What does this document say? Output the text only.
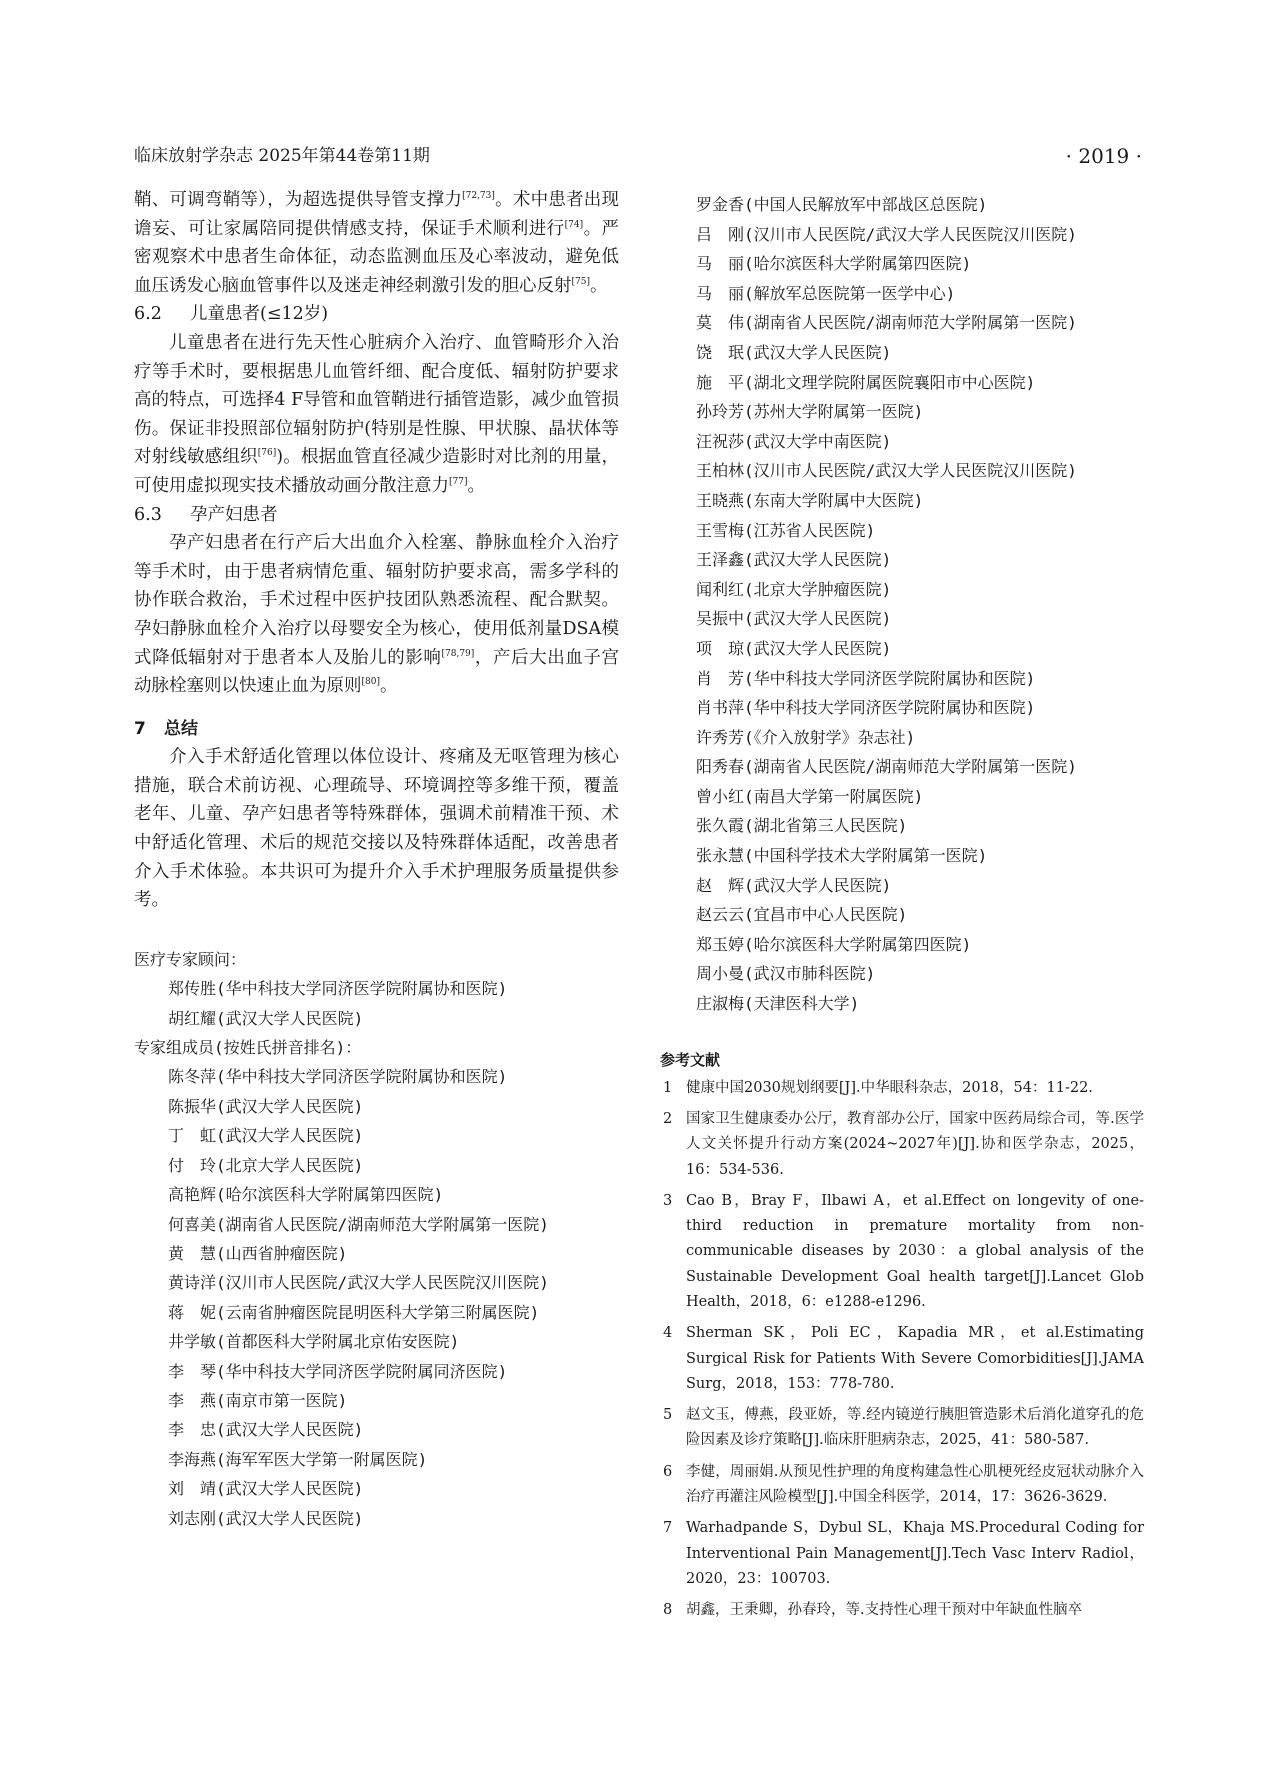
临床放射学杂志 2025年第44卷第11期	· 2019 ·

鞘、可调弯鞘等），为超选提供导管支撑力[72,73]。术中患者出现谵妄、可让家属陪同提供情感支持，保证手术顺利进行[74]。严密观察术中患者生命体征，动态监测血压及心率波动，避免低血压诱发心脑血管事件以及迷走神经刺激引发的胆心反射[75]。

6.2 儿童患者(≤12岁)

儿童患者在进行先天性心脏病介入治疗、血管畸形介入治疗等手术时，要根据患儿血管纤细、配合度低、辐射防护要求高的特点，可选择4 F导管和血管鞘进行插管造影，减少血管损伤。保证非投照部位辐射防护(特别是性腺、甲状腺、晶状体等对射线敏感组织[76])。根据血管直径减少造影时对比剂的用量，可使用虚拟现实技术播放动画分散注意力[77]。

6.3 孕产妇患者

孕产妇患者在行产后大出血介入栓塞、静脉血栓介入治疗等手术时，由于患者病情危重、辐射防护要求高，需多学科的协作联合救治，手术过程中医护技团队熟悉流程、配合默契。孕妇静脉血栓介入治疗以母婴安全为核心，使用低剂量DSA模式降低辐射对于患者本人及胎儿的影响[78,79]，产后大出血子宫动脉栓塞则以快速止血为原则[80]。

7 总结

介入手术舒适化管理以体位设计、疼痛及无呕管理为核心措施，联合术前访视、心理疏导、环境调控等多维干预，覆盖老年、儿童、孕产妇患者等特殊群体，强调术前精准干预、术中舒适化管理、术后的规范交接以及特殊群体适配，改善患者介入手术体验。本共识可为提升介入手术护理服务质量提供参考。

医疗专家顾问：

郑传胜(华中科技大学同济医学院附属协和医院)

胡红耀(武汉大学人民医院)

专家组成员(按姓氏拼音排名)：

陈冬萍(华中科技大学同济医学院附属协和医院)

陈振华(武汉大学人民医院)

丁　虹(武汉大学人民医院)

付　玲(北京大学人民医院)

高艳辉(哈尔滨医科大学附属第四医院)

何喜美(湖南省人民医院/湖南师范大学附属第一医院)

黄　慧(山西省肿瘤医院)

黄诗洋(汉川市人民医院/武汉大学人民医院汉川医院)

蒋　妮(云南省肿瘤医院昆明医科大学第三附属医院)

井学敏(首都医科大学附属北京佑安医院)

李　琴(华中科技大学同济医学院附属同济医院)

李　燕(南京市第一医院)

李　忠(武汉大学人民医院)

李海燕(海军军医大学第一附属医院)

刘　靖(武汉大学人民医院)

刘志刚(武汉大学人民医院)

罗金香(中国人民解放军中部战区总医院)

吕　刚(汉川市人民医院/武汉大学人民医院汉川医院)

马　丽(哈尔滨医科大学附属第四医院)

马　丽(解放军总医院第一医学中心)

莫　伟(湖南省人民医院/湖南师范大学附属第一医院)

饶　珉(武汉大学人民医院)

施　平(湖北文理学院附属医院襄阳市中心医院)

孙玲芳(苏州大学附属第一医院)

汪祝莎(武汉大学中南医院)

王柏林(汉川市人民医院/武汉大学人民医院汉川医院)

王晓燕(东南大学附属中大医院)

王雪梅(江苏省人民医院)

王泽鑫(武汉大学人民医院)

闻利红(北京大学肿瘤医院)

吴振中(武汉大学人民医院)

项　琼(武汉大学人民医院)

肖　芳(华中科技大学同济医学院附属协和医院)

肖书萍(华中科技大学同济医学院附属协和医院)

许秀芳(《介入放射学》杂志社)

阳秀春(湖南省人民医院/湖南师范大学附属第一医院)

曾小红(南昌大学第一附属医院)

张久霞(湖北省第三人民医院)

张永慧(中国科学技术大学附属第一医院)

赵　辉(武汉大学人民医院)

赵云云(宜昌市中心人民医院)

郑玉婷(哈尔滨医科大学附属第四医院)

周小曼(武汉市肺科医院)

庄淑梅(天津医科大学)

参考文献

1 健康中国2030规划纲要[J].中华眼科杂志，2018，54：11-22.

2 国家卫生健康委办公厅，教育部办公厅，国家中医药局综合司，等.医学人文关怀提升行动方案(2024~2027年)[J].协和医学杂志，2025，16：534-536.

3 Cao B，Bray F，Ilbawi A，et al.Effect on longevity of one-third reduction in premature mortality from non-communicable diseases by 2030：a global analysis of the Sustainable Development Goal health target[J].Lancet Glob Health，2018，6：e1288-e1296.

4 Sherman SK，Poli EC，Kapadia MR，et al.Estimating Surgical Risk for Patients With Severe Comorbidities[J].JAMA Surg，2018，153：778-780.

5 赵文玉，傅燕，段亚娇，等.经内镜逆行胰胆管造影术后消化道穿孔的危险因素及诊疗策略[J].临床肝胆病杂志，2025，41：580-587.

6 李健，周丽娟.从预见性护理的角度构建急性心肌梗死经皮冠状动脉介入治疗再灌注风险模型[J].中国全科医学，2014，17：3626-3629.

7 Warhadpande S，Dybul SL，Khaja MS.Procedural Coding for Interventional Pain Management[J].Tech Vasc Interv Radiol，2020，23：100703.

8 胡鑫，王秉卿，孙春玲，等.支持性心理干预对中年缺血性脑卒
